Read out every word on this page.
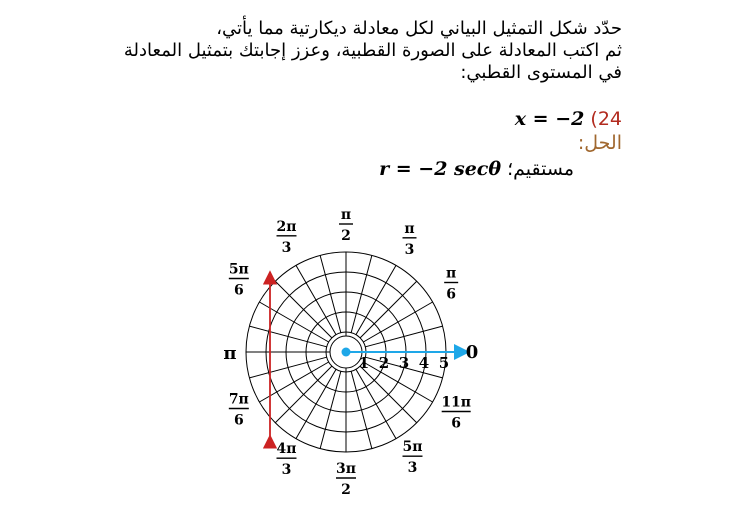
حدّد شكل التمثيل البياني لكل معادلة ديكارتية مما يأتي،
ثم اكتب المعادلة على الصورة القطبية، وعزز إجابتك بتمثيل المعادلة
في المستوى القطبي:
24) x = −2
الحل:
مستقيم؛ r = −2 secθ
1 2 3 4 5 0
π
π
6
π
3
π
2
2π
3
5π
6
7π
6
4π
3	3π
2
5π
3
11π
6
